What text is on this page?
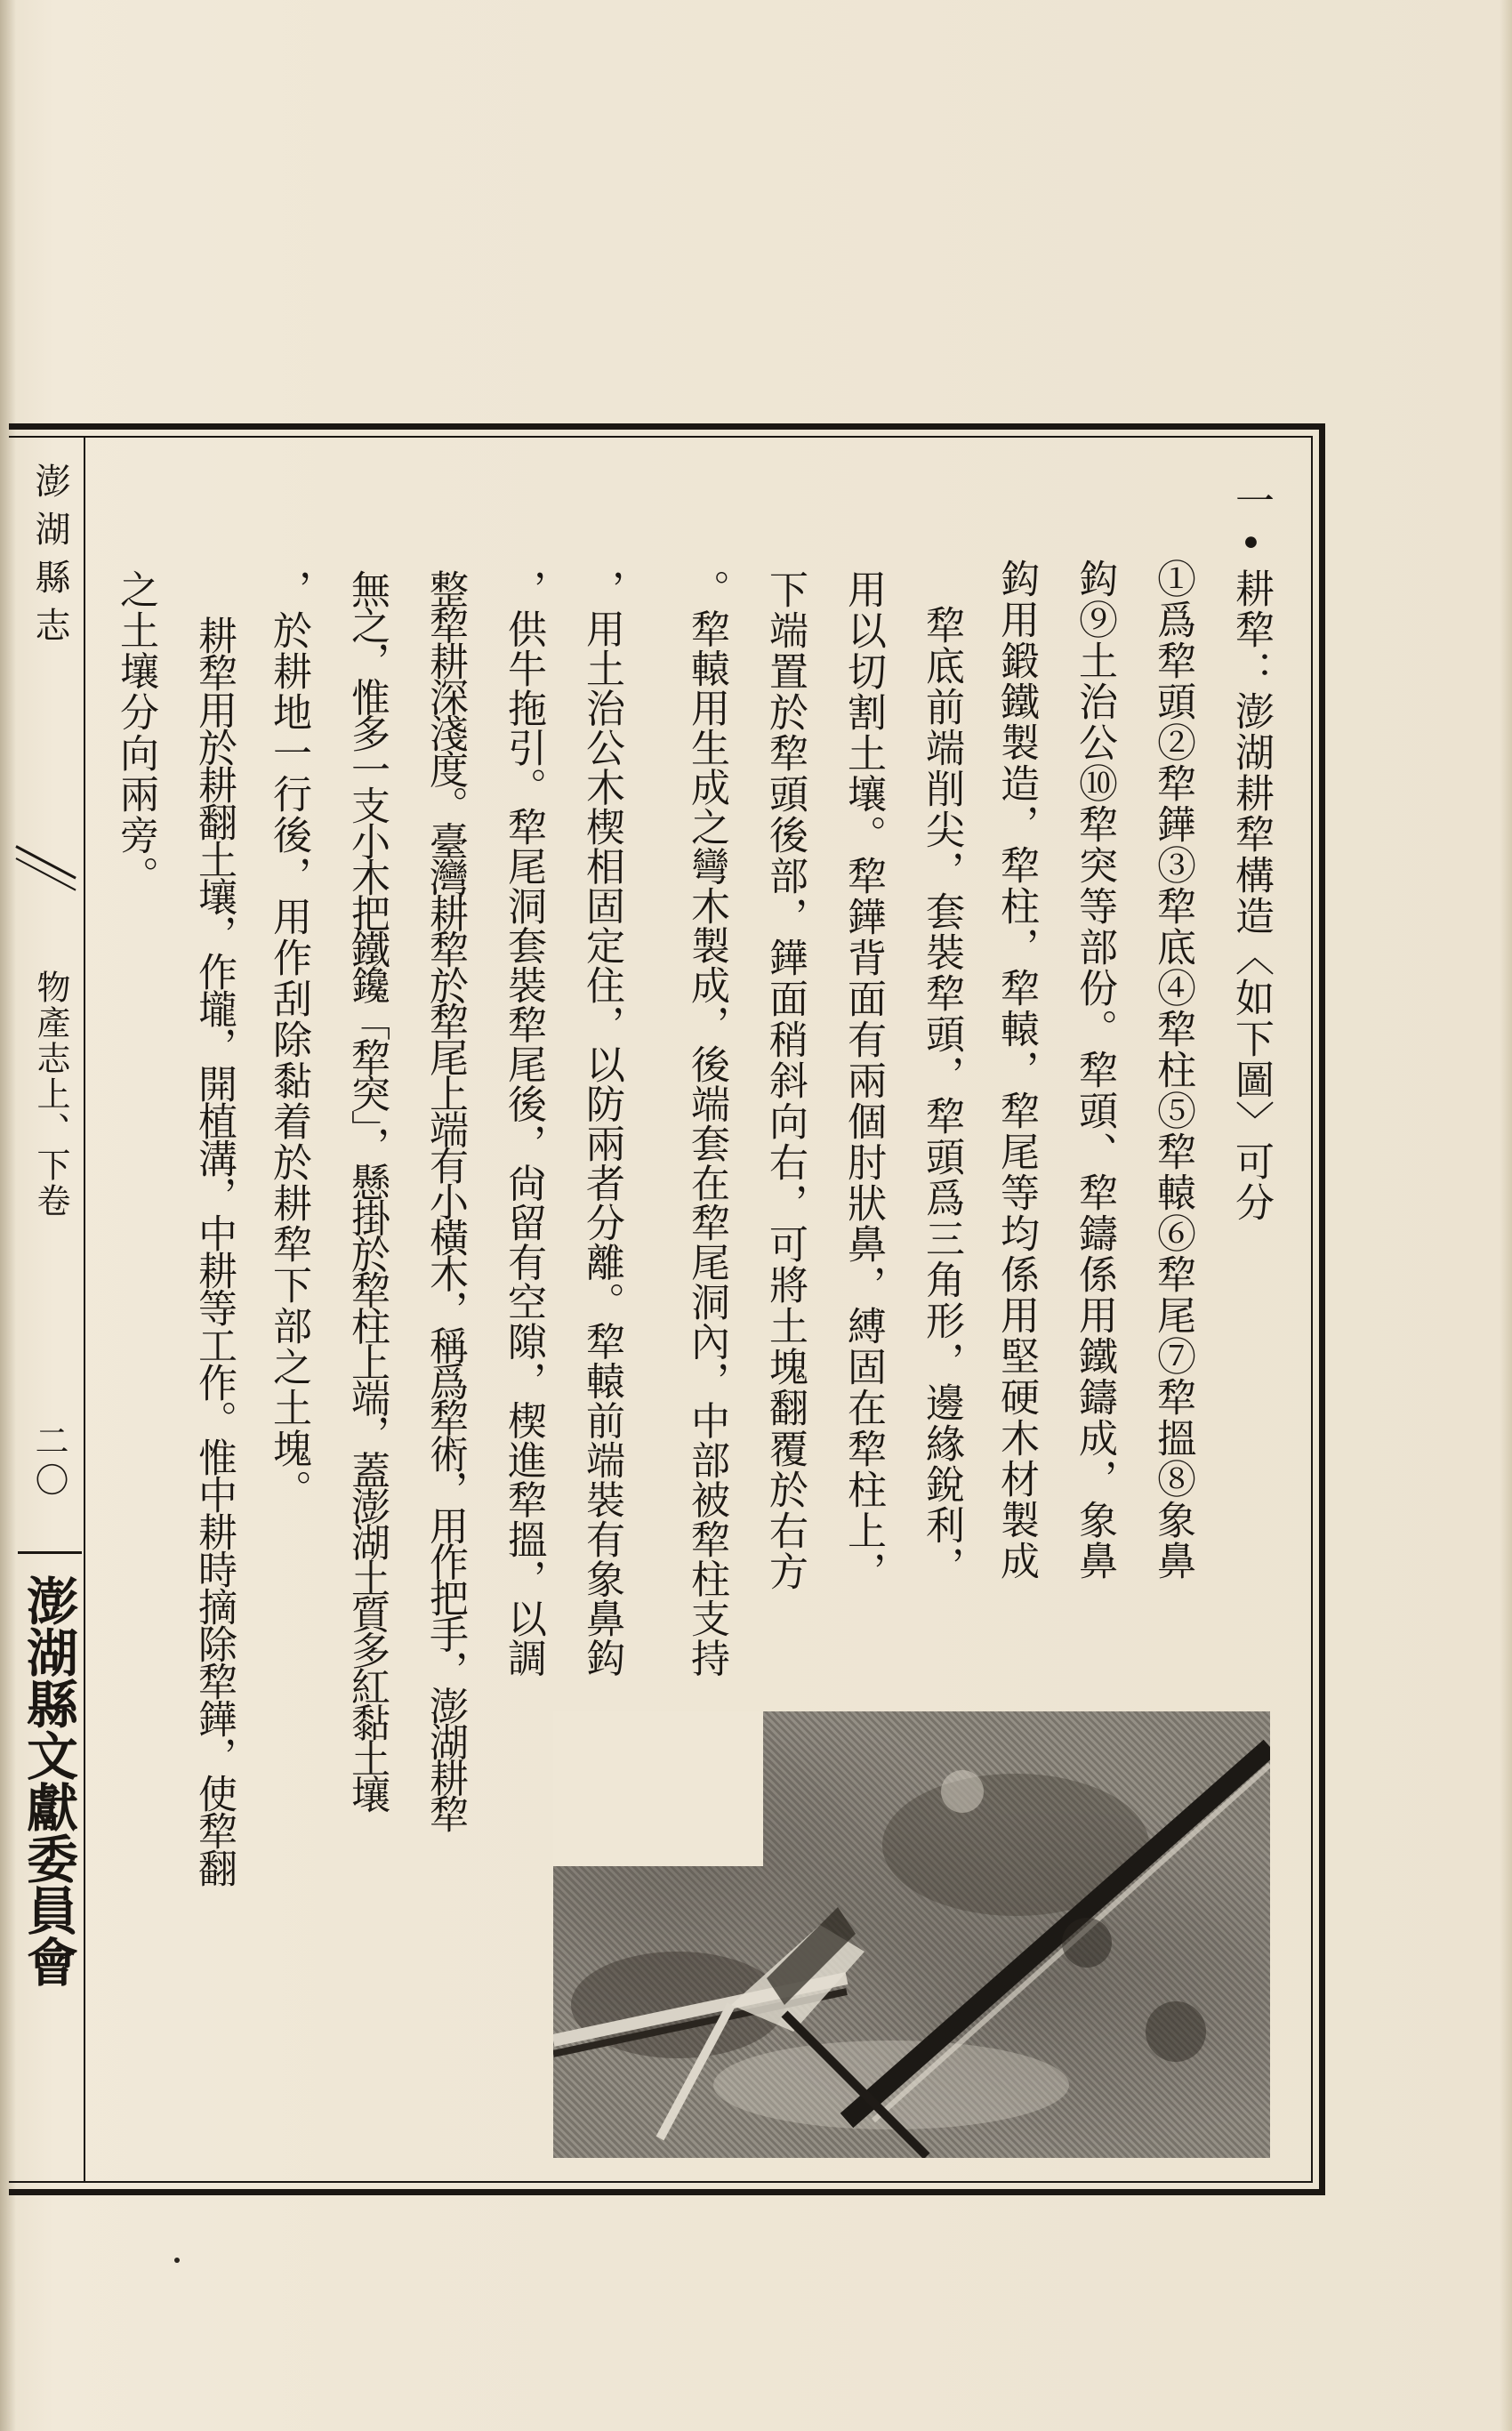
澎湖縣志
物產志上、下卷
二〇
澎湖縣文獻委員會
一•耕犂：澎湖耕犂構造〈如下圖〉可分
①爲犂頭②犂鏵③犂底④犂柱⑤犂轅⑥犂尾⑦犂搵⑧象鼻
鈎⑨土治公⑩犂突等部份。犂頭、犂鑄係用鐵鑄成，象鼻
鈎用鍛鐵製造，犂柱，犂轅，犂尾等均係用堅硬木材製成
犂底前端削尖，套裝犂頭，犂頭爲三角形，邊緣銳利，
用以切割土壤。犂鏵背面有兩個肘狀鼻，縛固在犂柱上，
下端置於犂頭後部，鏵面稍斜向右，可將土塊翻覆於右方
。犂轅用生成之彎木製成，後端套在犂尾洞內，中部被犂柱支持
，用土治公木楔相固定住，以防兩者分離。犂轅前端裝有象鼻鈎
，供牛拖引。犂尾洞套裝犂尾後，尙留有空隙，楔進犂搵，以調
整犂耕深淺度。臺灣耕犂於犂尾上端有小橫木，稱爲犂術，用作把手，澎湖耕犂
無之，惟多一支小木把鐵鑱「犂突」，懸掛於犂柱上端，蓋澎湖土質多紅黏土壤
，於耕地一行後，用作刮除黏着於耕犂下部之土塊。
耕犂用於耕翻土壤，作壠，開植溝，中耕等工作。惟中耕時摘除犂鏵，使犂翻
之土壤分向兩旁。
